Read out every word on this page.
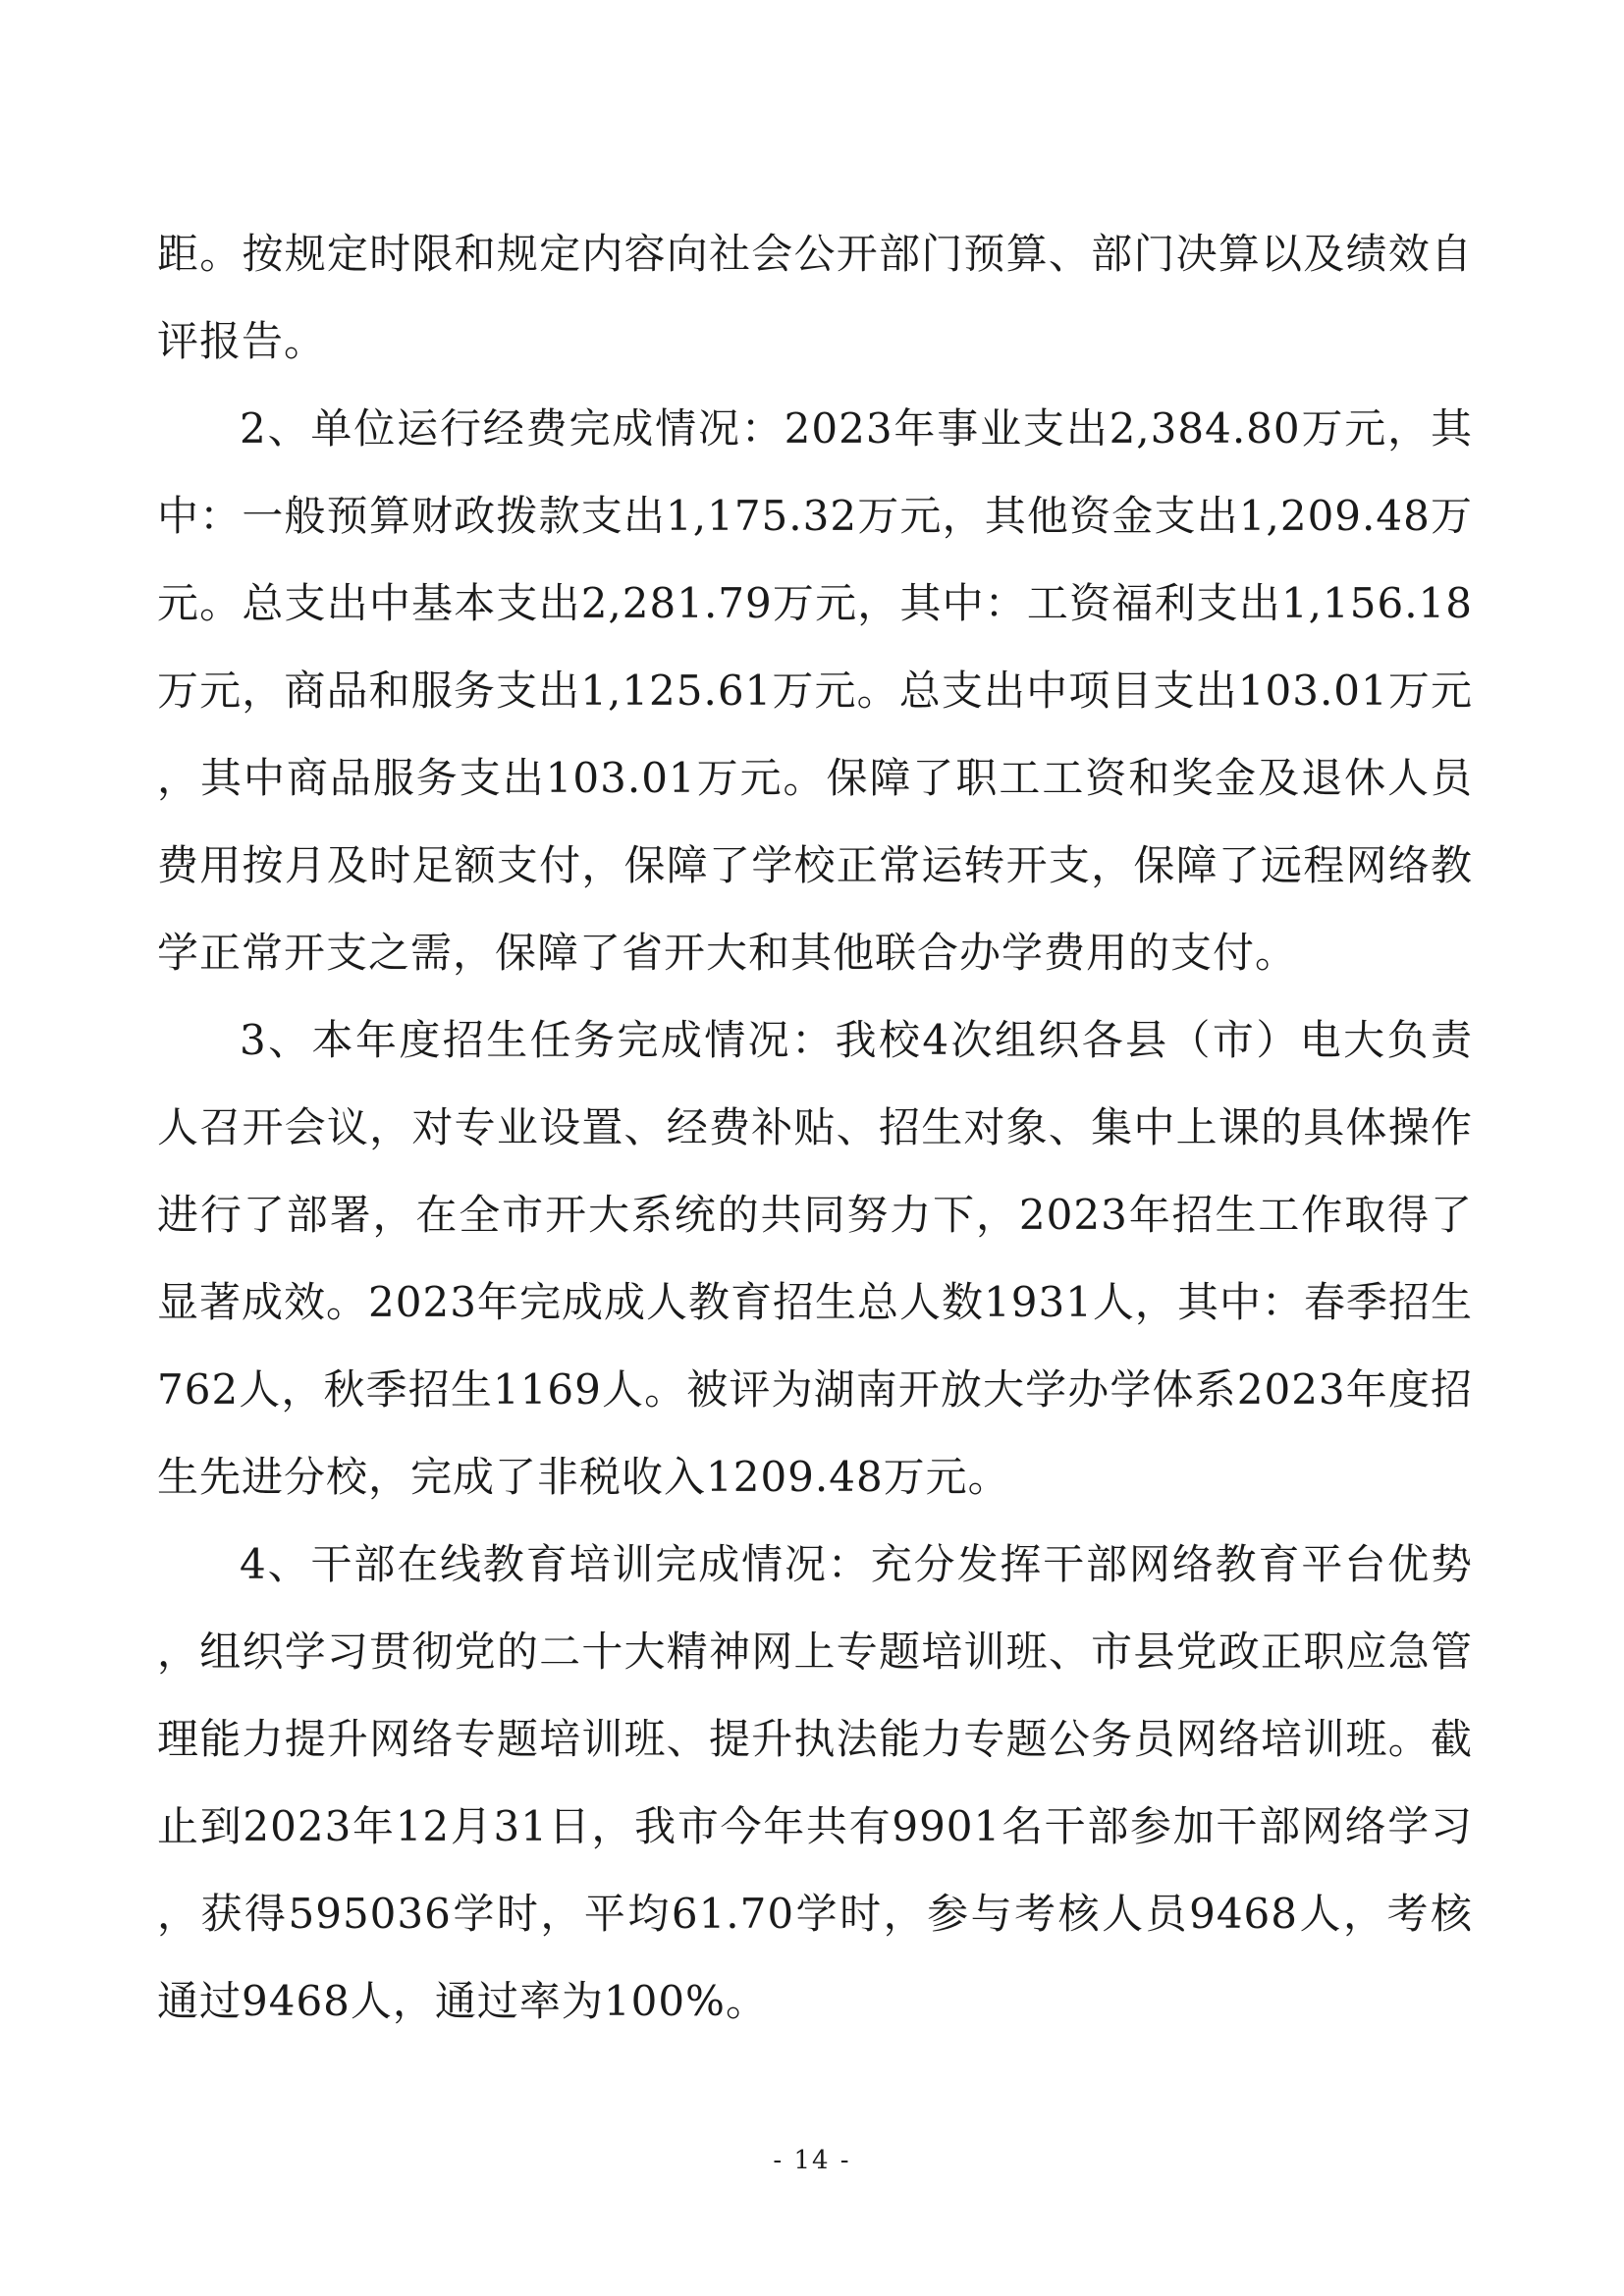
距。按规定时限和规定内容向社会公开部门预算、部门决算以及绩效自评报告。

2、单位运行经费完成情况：2023年事业支出2,384.80万元，其中：一般预算财政拨款支出1,175.32万元，其他资金支出1,209.48万元。总支出中基本支出2,281.79万元，其中：工资福利支出1,156.18万元，商品和服务支出1,125.61万元。总支出中项目支出103.01万元，其中商品服务支出103.01万元。保障了职工工资和奖金及退休人员费用按月及时足额支付，保障了学校正常运转开支，保障了远程网络教学正常开支之需，保障了省开大和其他联合办学费用的支付。

3、本年度招生任务完成情况：我校4次组织各县（市）电大负责人召开会议，对专业设置、经费补贴、招生对象、集中上课的具体操作进行了部署，在全市开大系统的共同努力下，2023年招生工作取得了显著成效。2023年完成成人教育招生总人数1931人，其中：春季招生762人，秋季招生1169人。被评为湖南开放大学办学体系2023年度招生先进分校，完成了非税收入1209.48万元。

4、干部在线教育培训完成情况：充分发挥干部网络教育平台优势，组织学习贯彻党的二十大精神网上专题培训班、市县党政正职应急管理能力提升网络专题培训班、提升执法能力专题公务员网络培训班。截止到2023年12月31日，我市今年共有9901名干部参加干部网络学习，获得595036学时，平均61.70学时，参与考核人员9468人，考核通过9468人，通过率为100%。

- 14 -
